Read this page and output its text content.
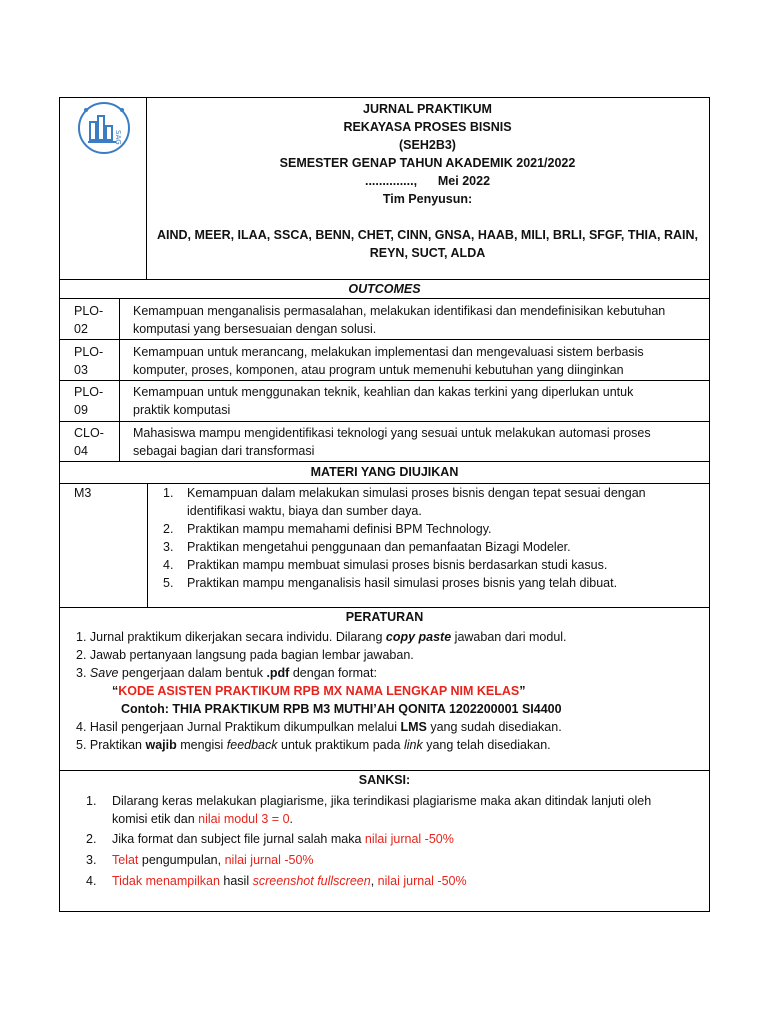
SAG
JURNAL PRAKTIKUM
REKAYASA PROSES BISNIS
(SEH2B3)
SEMESTER GENAP TAHUN AKADEMIK 2021/2022
..............,      Mei 2022
Tim Penyusun:
AIND, MEER, ILAA, SSCA, BENN, CHET, CINN, GNSA, HAAB, MILI, BRLI, SFGF, THIA, RAIN,
REYN, SUCT, ALDA
OUTCOMES
PLO-
02
Kemampuan menganalisis permasalahan, melakukan identifikasi dan mendefinisikan kebutuhan
komputasi yang bersesuaian dengan solusi.
PLO-
03
Kemampuan untuk merancang, melakukan implementasi dan mengevaluasi sistem berbasis
komputer, proses, komponen, atau program untuk memenuhi kebutuhan yang diinginkan
PLO-
09
Kemampuan untuk menggunakan teknik, keahlian dan kakas terkini yang diperlukan untuk
praktik komputasi
CLO-
04
Mahasiswa mampu mengidentifikasi teknologi yang sesuai untuk melakukan automasi proses
sebagai bagian dari transformasi
MATERI YANG DIUJIKAN
M3	1. Kemampuan dalam melakukan simulasi proses bisnis dengan tepat sesuai dengan
identifikasi waktu, biaya dan sumber daya.
2. Praktikan mampu memahami definisi BPM Technology.
3. Praktikan mengetahui penggunaan dan pemanfaatan Bizagi Modeler.
4. Praktikan mampu membuat simulasi proses bisnis berdasarkan studi kasus.
5. Praktikan mampu menganalisis hasil simulasi proses bisnis yang telah dibuat.
PERATURAN
1. Jurnal praktikum dikerjakan secara individu. Dilarang copy paste jawaban dari modul.
2. Jawab pertanyaan langsung pada bagian lembar jawaban.
3. Save pengerjaan dalam bentuk .pdf dengan format:
“KODE ASISTEN PRAKTIKUM RPB MX NAMA LENGKAP NIM KELAS”
Contoh: THIA PRAKTIKUM RPB M3 MUTHI’AH QONITA 1202200001 SI4400
4. Hasil pengerjaan Jurnal Praktikum dikumpulkan melalui LMS yang sudah disediakan.
5. Praktikan wajib mengisi feedback untuk praktikum pada link yang telah disediakan.
SANKSI:
1. Dilarang keras melakukan plagiarisme, jika terindikasi plagiarisme maka akan ditindak lanjuti oleh
komisi etik dan nilai modul 3 = 0.
2. Jika format dan subject file jurnal salah maka nilai jurnal -50%
3. Telat pengumpulan, nilai jurnal -50%
4. Tidak menampilkan hasil screenshot fullscreen, nilai jurnal -50%
